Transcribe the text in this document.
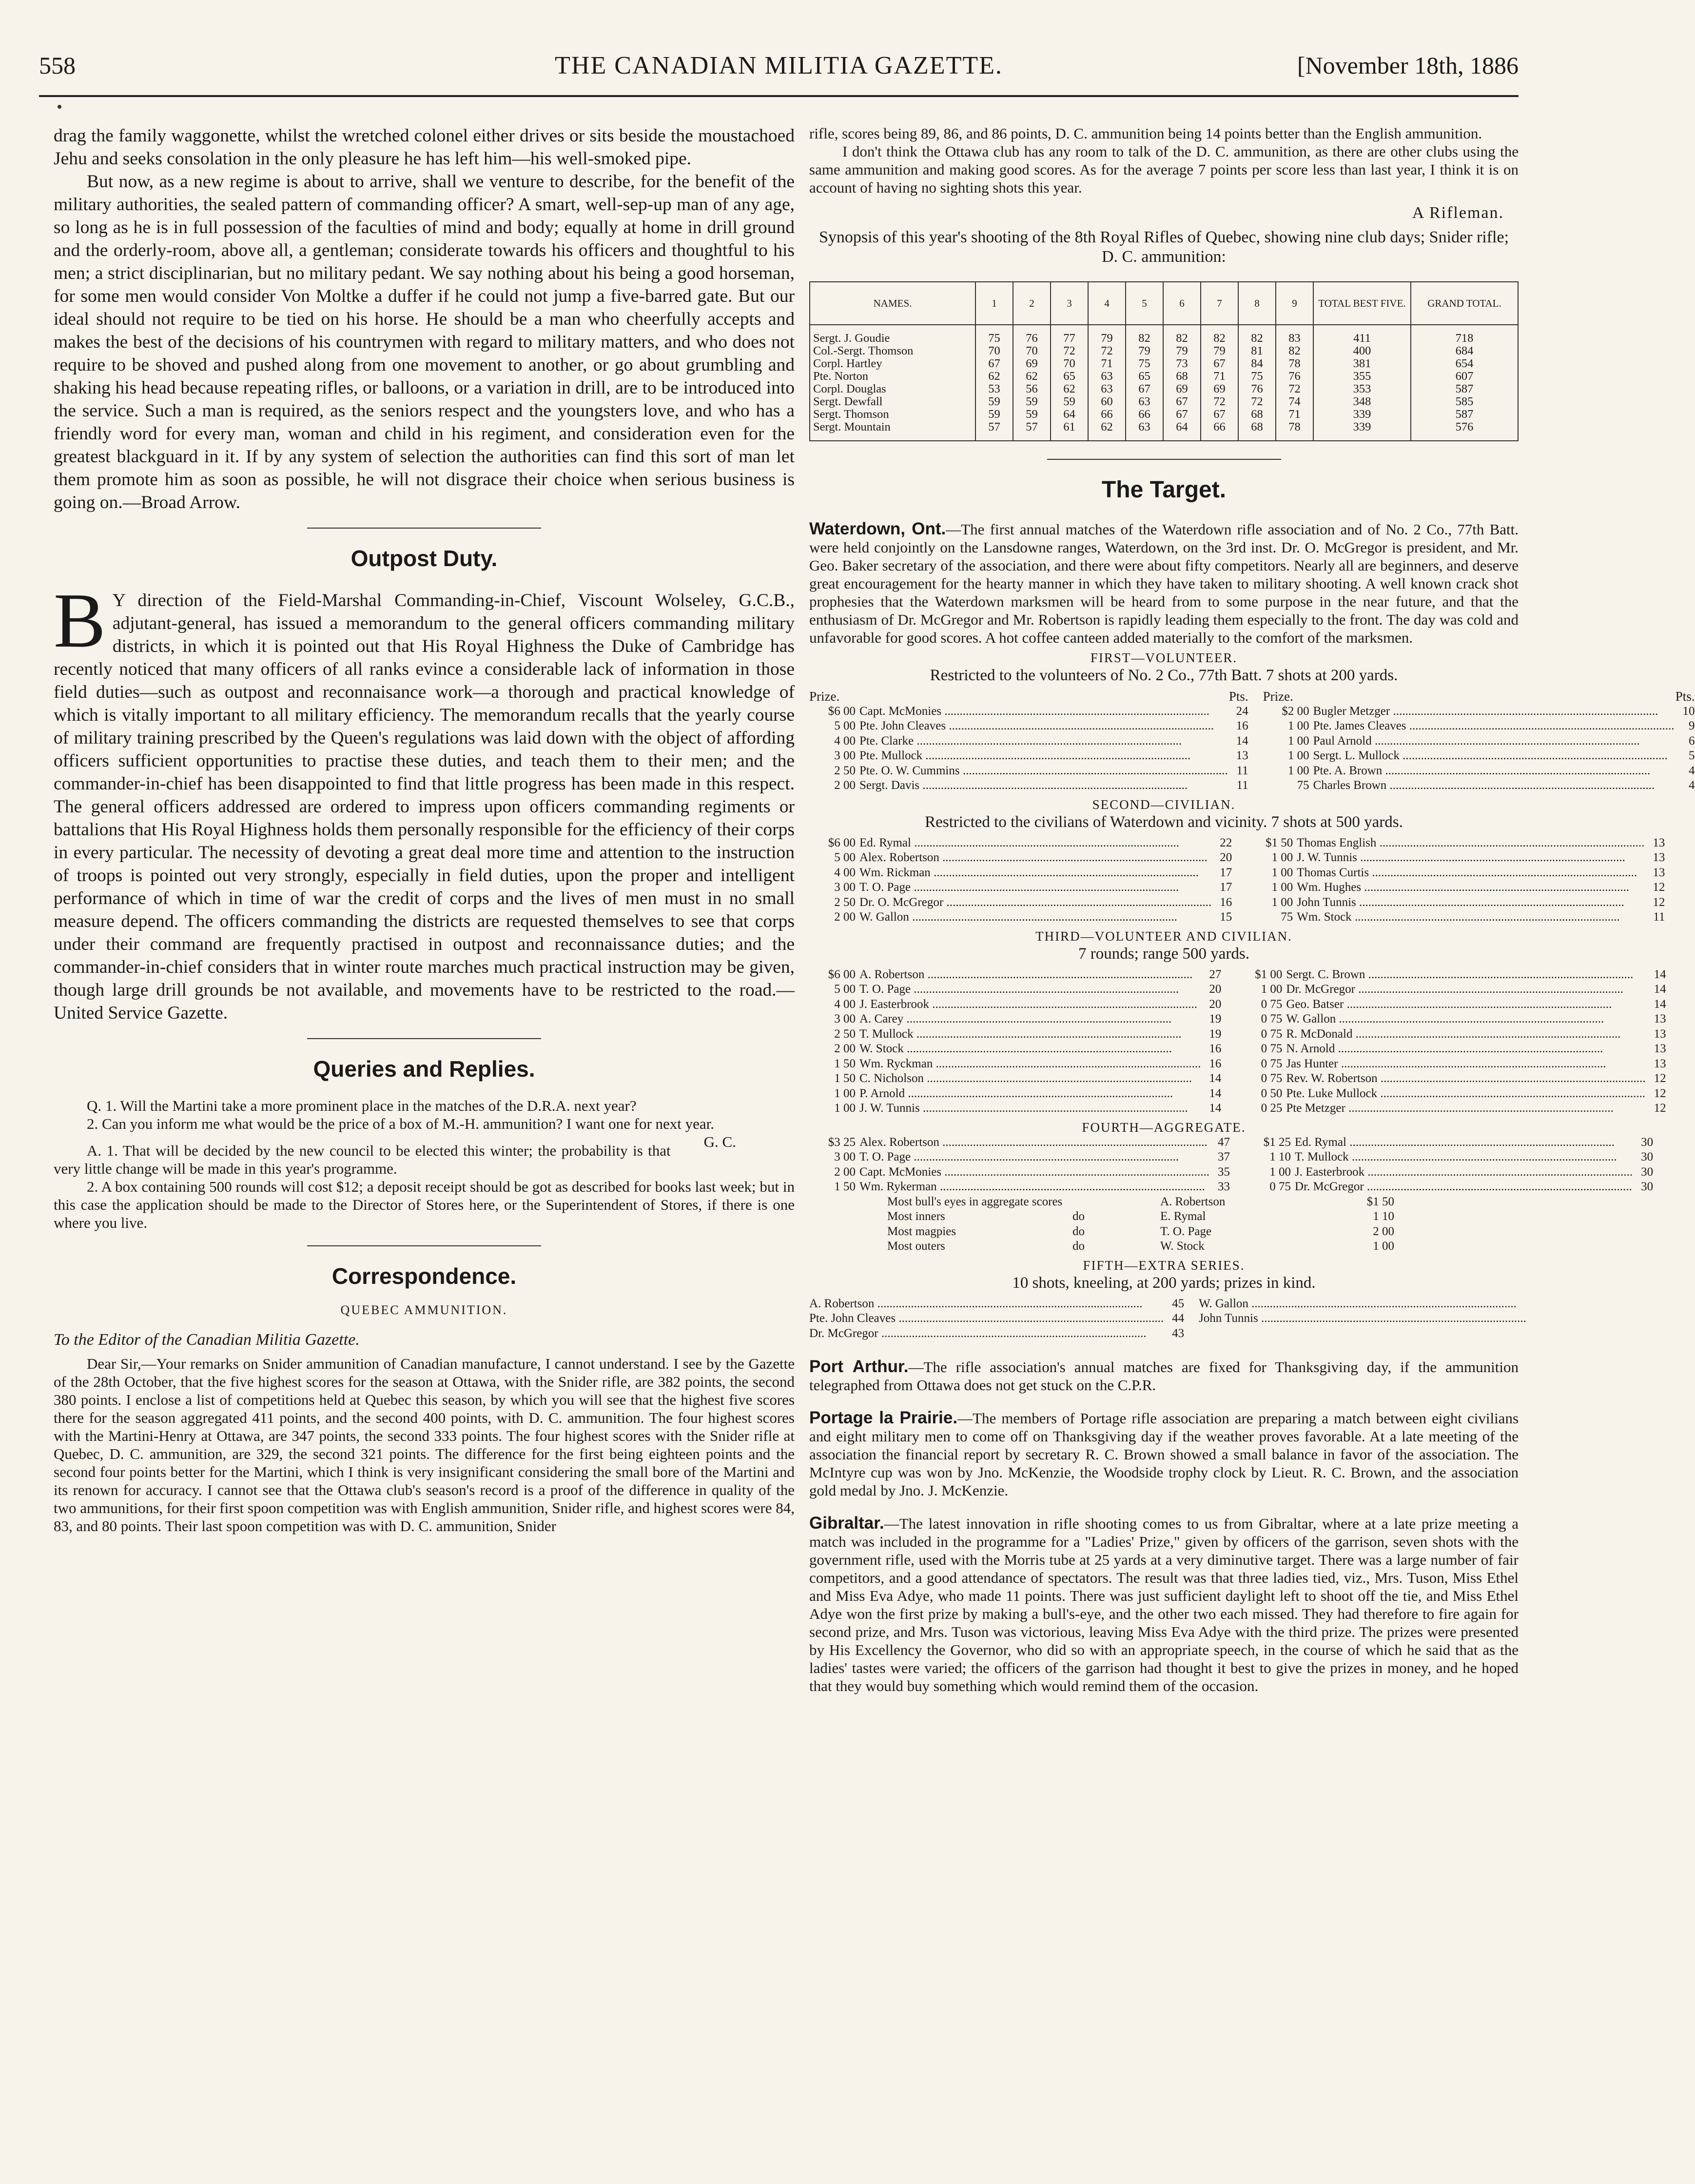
558	THE CANADIAN MILITIA GAZETTE.	[November 18th, 1886

drag the family waggonette, whilst the wretched colonel either drives or sits beside the moustachoed Jehu and seeks consolation in the only pleasure he has left him—his well-smoked pipe.

But now, as a new regime is about to arrive, shall we venture to describe, for the benefit of the military authorities, the sealed pattern of commanding officer? A smart, well-sep-up man of any age, so long as he is in full possession of the faculties of mind and body; equally at home in drill ground and the orderly-room, above all, a gentleman; considerate towards his officers and thoughtful to his men; a strict disciplinarian, but no military pedant. We say nothing about his being a good horseman, for some men would consider Von Moltke a duffer if he could not jump a five-barred gate. But our ideal should not require to be tied on his horse. He should be a man who cheerfully accepts and makes the best of the decisions of his countrymen with regard to military matters, and who does not require to be shoved and pushed along from one movement to another, or go about grumbling and shaking his head because repeating rifles, or balloons, or a variation in drill, are to be introduced into the service. Such a man is required, as the seniors respect and the youngsters love, and who has a friendly word for every man, woman and child in his regiment, and consideration even for the greatest blackguard in it. If by any system of selection the authorities can find this sort of man let them promote him as soon as possible, he will not disgrace their choice when serious business is going on.—Broad Arrow.

Outpost Duty.

B Y direction of the Field-Marshal Commanding-in-Chief, Viscount Wolseley, G.C.B., adjutant-general, has issued a memorandum to the general officers commanding military districts, in which it is pointed out that His Royal Highness the Duke of Cambridge has recently noticed that many officers of all ranks evince a considerable lack of information in those field duties—such as outpost and reconnaisance work—a thorough and practical knowledge of which is vitally important to all military efficiency. The memorandum recalls that the yearly course of military training prescribed by the Queen's regulations was laid down with the object of affording officers sufficient opportunities to practise these duties, and teach them to their men; and the commander-in-chief has been disappointed to find that little progress has been made in this respect. The general officers addressed are ordered to impress upon officers commanding regiments or battalions that His Royal Highness holds them personally responsible for the efficiency of their corps in every particular. The necessity of devoting a great deal more time and attention to the instruction of troops is pointed out very strongly, especially in field duties, upon the proper and intelligent performance of which in time of war the credit of corps and the lives of men must in no small measure depend. The officers commanding the districts are requested themselves to see that corps under their command are frequently practised in outpost and reconnaissance duties; and the commander-in-chief considers that in winter route marches much practical instruction may be given, though large drill grounds be not available, and movements have to be restricted to the road.—United Service Gazette.

Queries and Replies.

Q. 1. Will the Martini take a more prominent place in the matches of the D.R.A. next year?

2. Can you inform me what would be the price of a box of M.-H. ammunition? I want one for next year.
G. C.

A. 1. That will be decided by the new council to be elected this winter; the probability is that very little change will be made in this year's programme.

2. A box containing 500 rounds will cost $12; a deposit receipt should be got as described for books last week; but in this case the application should be made to the Director of Stores here, or the Superintendent of Stores, if there is one where you live.

Correspondence.
QUEBEC AMMUNITION.

To the Editor of the Canadian Militia Gazette.

Dear Sir,—Your remarks on Snider ammunition of Canadian manufacture, I cannot understand. I see by the Gazette of the 28th October, that the five highest scores for the season at Ottawa, with the Snider rifle, are 382 points, the second 380 points. I enclose a list of competitions held at Quebec this season, by which you will see that the highest five scores there for the season aggregated 411 points, and the second 400 points, with D. C. ammunition. The four highest scores with the Martini-Henry at Ottawa, are 347 points, the second 333 points. The four highest scores with the Snider rifle at Quebec, D. C. ammunition, are 329, the second 321 points. The difference for the first being eighteen points and the second four points better for the Martini, which I think is very insignificant considering the small bore of the Martini and its renown for accuracy. I cannot see that the Ottawa club's season's record is a proof of the difference in quality of the two ammunitions, for their first spoon competition was with English ammunition, Snider rifle, and highest scores were 84, 83, and 80 points. Their last spoon competition was with D. C. ammunition, Snider

rifle, scores being 89, 86, and 86 points, D. C. ammunition being 14 points better than the English ammunition.

I don't think the Ottawa club has any room to talk of the D. C. ammunition, as there are other clubs using the same ammunition and making good scores. As for the average 7 points per score less than last year, I think it is on account of having no sighting shots this year.

A Rifleman.

Synopsis of this year's shooting of the 8th Royal Rifles of Quebec, showing nine club days; Snider rifle; D. C. ammunition:

NAMES.	1	2	3	4	5	6	7	8	9	TOTAL BEST FIVE.	GRAND TOTAL.

Sergt. J. Goudie	75	76	77	79	82	82	82	82	83	411	718
Col.-Sergt. Thomson	70	70	72	72	79	79	79	81	82	400	684
Corpl. Hartley	67	69	70	71	75	73	67	84	78	381	654
Pte. Norton	62	62	65	63	65	68	71	75	76	355	607
Corpl. Douglas	53	56	62	63	67	69	69	76	72	353	587
Sergt. Dewfall	59	59	59	60	63	67	72	72	74	348	585
Sergt. Thomson	59	59	64	66	66	67	67	68	71	339	587
Sergt. Mountain	57	57	61	62	63	64	66	68	78	339	576

The Target.

Waterdown, Ont.—The first annual matches of the Waterdown rifle association and of No. 2 Co., 77th Batt. were held conjointly on the Lansdowne ranges, Waterdown, on the 3rd inst. Dr. O. McGregor is president, and Mr. Geo. Baker secretary of the association, and there were about fifty competitors. Nearly all are beginners, and deserve great encouragement for the hearty manner in which they have taken to military shooting. A well known crack shot prophesies that the Waterdown marksmen will be heard from to some purpose in the near future, and that the enthusiasm of Dr. McGregor and Mr. Robertson is rapidly leading them especially to the front. The day was cold and unfavorable for good scores. A hot coffee canteen added materially to the comfort of the marksmen.

FIRST—VOLUNTEER.
Restricted to the volunteers of No. 2 Co., 77th Batt. 7 shots at 200 yards.
Prize.	Pts.
$6 00 Capt. McMonies .....	24
5 00 Pte. John Cleaves .....	16
4 00 Pte. Clarke .....	14
3 00 Pte. Mullock .....	13
2 50 Pte. O. W. Cummins .....	11
2 00 Sergt. Davis .....	11
Prize.	Pts.
$2 00 Bugler Metzger .....	10
1 00 Pte. James Cleaves .....	9
1 00 Paul Arnold .....	6
1 00 Sergt. L. Mullock .....	5
1 00 Pte. A. Brown .....	4
75 Charles Brown .....	4
SECOND—CIVILIAN.
Restricted to the civilians of Waterdown and vicinity. 7 shots at 500 yards.
$6 00 Ed. Rymal .....	22
5 00 Alex. Robertson .....	20
4 00 Wm. Rickman .....	17
3 00 T. O. Page .....	17
2 50 Dr. O. McGregor .....	16
2 00 W. Gallon .....	15
$1 50 Thomas English .....	13
1 00 J. W. Tunnis .....	13
1 00 Thomas Curtis .....	13
1 00 Wm. Hughes .....	12
1 00 John Tunnis .....	12
75 Wm. Stock .....	11
THIRD—VOLUNTEER AND CIVILIAN.
7 rounds; range 500 yards.
$6 00 A. Robertson .....	27
5 00 T. O. Page .....	20
4 00 J. Easterbrook .....	20
3 00 A. Carey .....	19
2 50 T. Mullock .....	19
2 00 W. Stock .....	16
1 50 Wm. Ryckman .....	16
1 50 C. Nicholson .....	14
1 00 P. Arnold .....	14
1 00 J. W. Tunnis .....	14
$1 00 Sergt. C. Brown .....	14
1 00 Dr. McGregor .....	14
0 75 Geo. Batser .....	14
0 75 W. Gallon .....	13
0 75 R. McDonald .....	13
0 75 N. Arnold .....	13
0 75 Jas Hunter .....	13
0 75 Rev. W. Robertson .....	12
0 50 Pte. Luke Mullock .....	12
0 25 Pte Metzger .....	12
FOURTH—AGGREGATE.
$3 25 Alex. Robertson .....	47
3 00 T. O. Page .....	37
2 00 Capt. McMonies .....	35
1 50 Wm. Rykerman .....	33
$1 25 Ed. Rymal .....	30
1 10 T. Mullock .....	30
1 00 J. Easterbrook .....	30
0 75 Dr. McGregor .....	30
Most bull's eyes in aggregate scores	A. Robertson	$1 50
Most inners	do	E. Rymal	1 10
Most magpies	do	T. O. Page	2 00
Most outers	do	W. Stock	1 00
FIFTH—EXTRA SERIES.
10 shots, kneeling, at 200 yards; prizes in kind.
A. Robertson .....	45
Pte. John Cleaves .....	44
Dr. McGregor .....	43
W. Gallon .....
John Tunnis .....

Port Arthur.—The rifle association's annual matches are fixed for Thanksgiving day, if the ammunition telegraphed from Ottawa does not get stuck on the C.P.R.

Portage la Prairie.—The members of Portage rifle association are preparing a match between eight civilians and eight military men to come off on Thanksgiving day if the weather proves favorable. At a late meeting of the association the financial report by secretary R. C. Brown showed a small balance in favor of the association. The McIntyre cup was won by Jno. McKenzie, the Woodside trophy clock by Lieut. R. C. Brown, and the association gold medal by Jno. J. McKenzie.

Gibraltar.—The latest innovation in rifle shooting comes to us from Gibraltar, where at a late prize meeting a match was included in the programme for a "Ladies' Prize," given by officers of the garrison, seven shots with the government rifle, used with the Morris tube at 25 yards at a very diminutive target. There was a large number of fair competitors, and a good attendance of spectators. The result was that three ladies tied, viz., Mrs. Tuson, Miss Ethel and Miss Eva Adye, who made 11 points. There was just sufficient daylight left to shoot off the tie, and Miss Ethel Adye won the first prize by making a bull's-eye, and the other two each missed. They had therefore to fire again for second prize, and Mrs. Tuson was victorious, leaving Miss Eva Adye with the third prize. The prizes were presented by His Excellency the Governor, who did so with an appropriate speech, in the course of which he said that as the ladies' tastes were varied; the officers of the garrison had thought it best to give the prizes in money, and he hoped that they would buy something which would remind them of the occasion.
